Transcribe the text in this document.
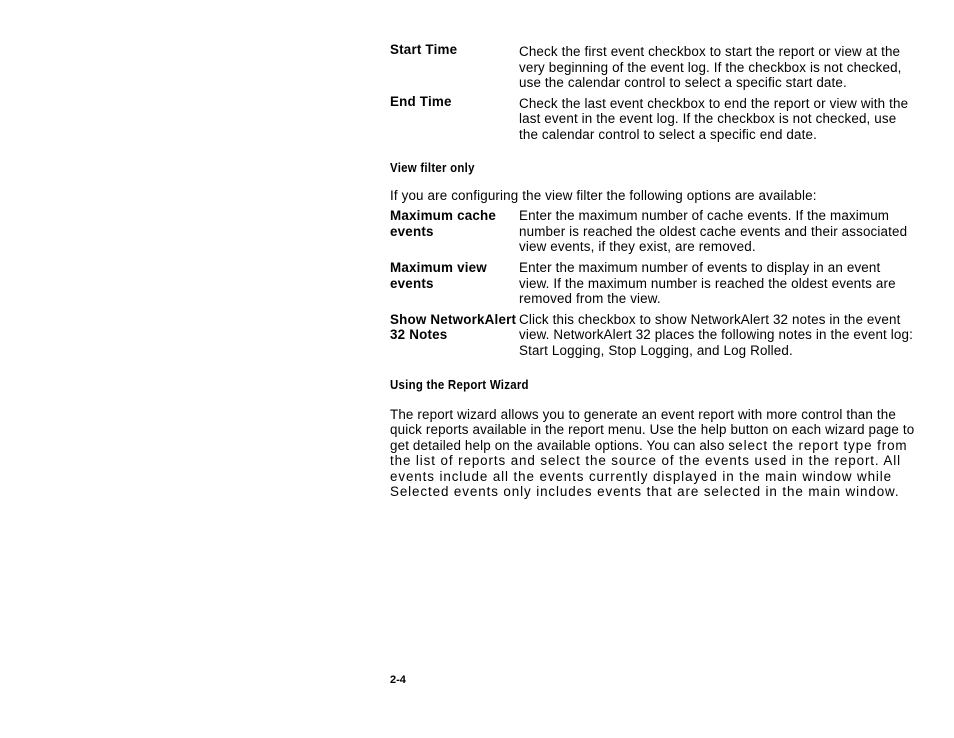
Start Time	Check the first event checkbox to start the report or view at the very beginning of the event log. If the checkbox is not checked, use the calendar control to select a specific start date.
End Time	Check the last event checkbox to end the report or view with the last event in the event log. If the checkbox is not checked, use the calendar control to select a specific end date.
View filter only
If you are configuring the view filter the following options are available:
Maximum cache events
Enter the maximum number of cache events. If the maximum number is reached the oldest cache events and their associated view events, if they exist, are removed.
Maximum view events
Enter the maximum number of events to display in an event view. If the maximum number is reached the oldest events are removed from the view.
Show NetworkAlert 32 Notes
Click this checkbox to show NetworkAlert 32 notes in the event view. NetworkAlert 32 places the following notes in the event log: Start Logging, Stop Logging, and Log Rolled.
Using the Report Wizard
The report wizard allows you to generate an event report with more control than the quick reports available in the report menu. Use the help button on each wizard page to get detailed help on the available options. You can also select the report type from the list of reports and select the source of the events used in the report. All events include all the events currently displayed in the main window while Selected events only includes events that are selected in the main window.
2-4
